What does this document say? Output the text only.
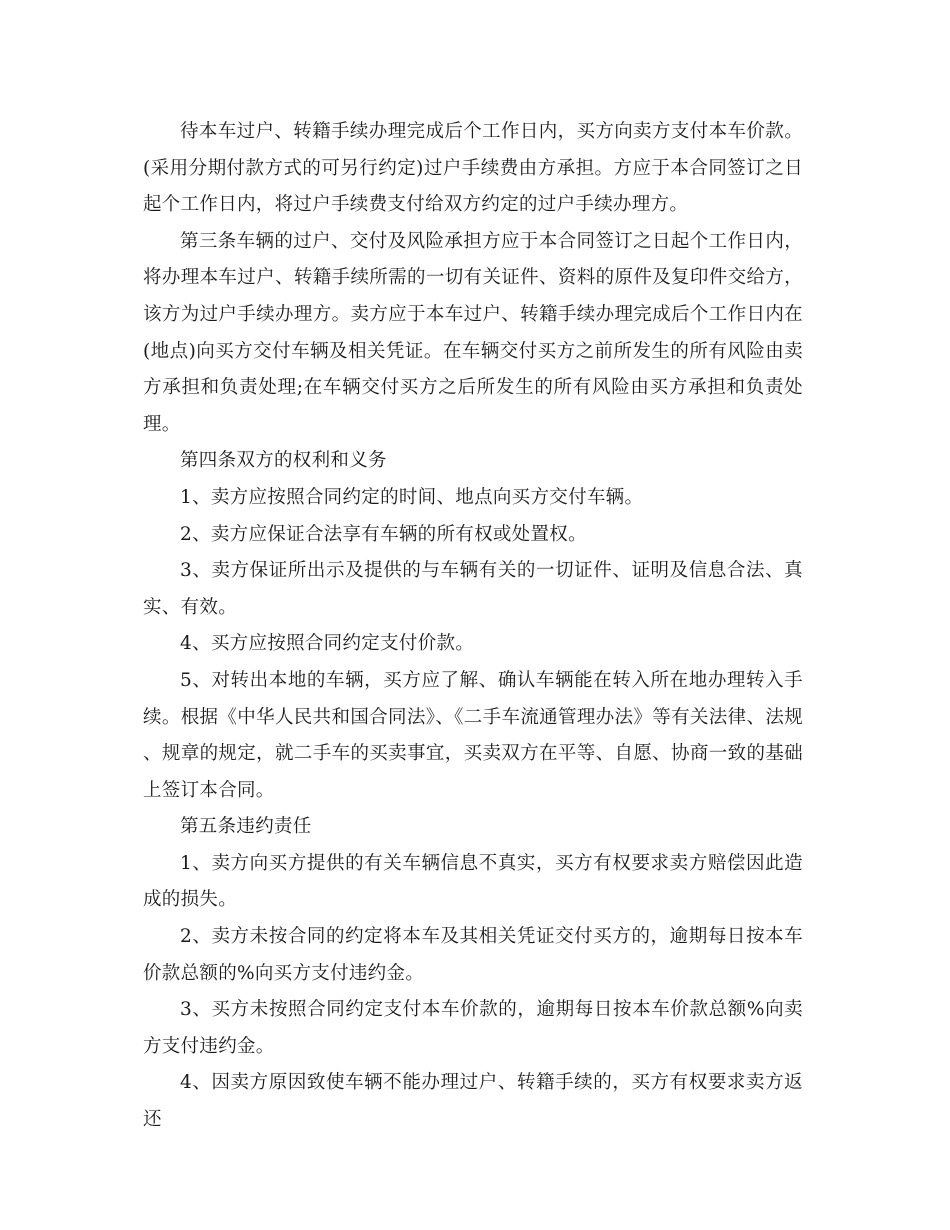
待本车过户、转籍手续办理完成后个工作日内，买方向卖方支付本车价款。(采用分期付款方式的可另行约定)过户手续费由方承担。方应于本合同签订之日起个工作日内，将过户手续费支付给双方约定的过户手续办理方。

第三条车辆的过户、交付及风险承担方应于本合同签订之日起个工作日内，将办理本车过户、转籍手续所需的一切有关证件、资料的原件及复印件交给方，该方为过户手续办理方。卖方应于本车过户、转籍手续办理完成后个工作日内在(地点)向买方交付车辆及相关凭证。在车辆交付买方之前所发生的所有风险由卖方承担和负责处理;在车辆交付买方之后所发生的所有风险由买方承担和负责处理。

第四条双方的权利和义务

1、卖方应按照合同约定的时间、地点向买方交付车辆。

2、卖方应保证合法享有车辆的所有权或处置权。

3、卖方保证所出示及提供的与车辆有关的一切证件、证明及信息合法、真实、有效。

4、买方应按照合同约定支付价款。

5、对转出本地的车辆，买方应了解、确认车辆能在转入所在地办理转入手续。根据《中华人民共和国合同法》、《二手车流通管理办法》等有关法律、法规、规章的规定，就二手车的买卖事宜，买卖双方在平等、自愿、协商一致的基础上签订本合同。

第五条违约责任

1、卖方向买方提供的有关车辆信息不真实，买方有权要求卖方赔偿因此造成的损失。

2、卖方未按合同的约定将本车及其相关凭证交付买方的，逾期每日按本车价款总额的%向买方支付违约金。

3、买方未按照合同约定支付本车价款的，逾期每日按本车价款总额%向卖方支付违约金。

4、因卖方原因致使车辆不能办理过户、转籍手续的，买方有权要求卖方返还
